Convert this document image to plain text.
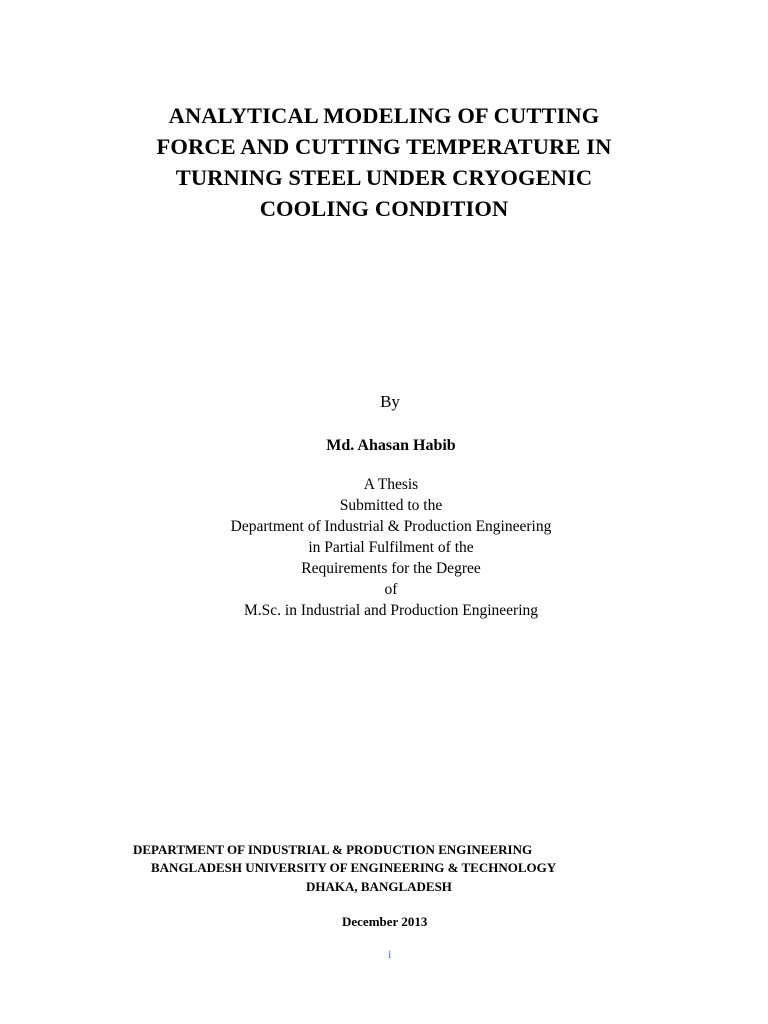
ANALYTICAL MODELING OF CUTTING
FORCE AND CUTTING TEMPERATURE IN
TURNING STEEL UNDER CRYOGENIC
COOLING CONDITION
By
Md. Ahasan Habib
A Thesis
Submitted to the
Department of Industrial & Production Engineering
in Partial Fulfilment of the
Requirements for the Degree
of
M.Sc. in Industrial and Production Engineering
DEPARTMENT OF INDUSTRIAL & PRODUCTION ENGINEERING
BANGLADESH UNIVERSITY OF ENGINEERING & TECHNOLOGY
DHAKA, BANGLADESH
December 2013
i
